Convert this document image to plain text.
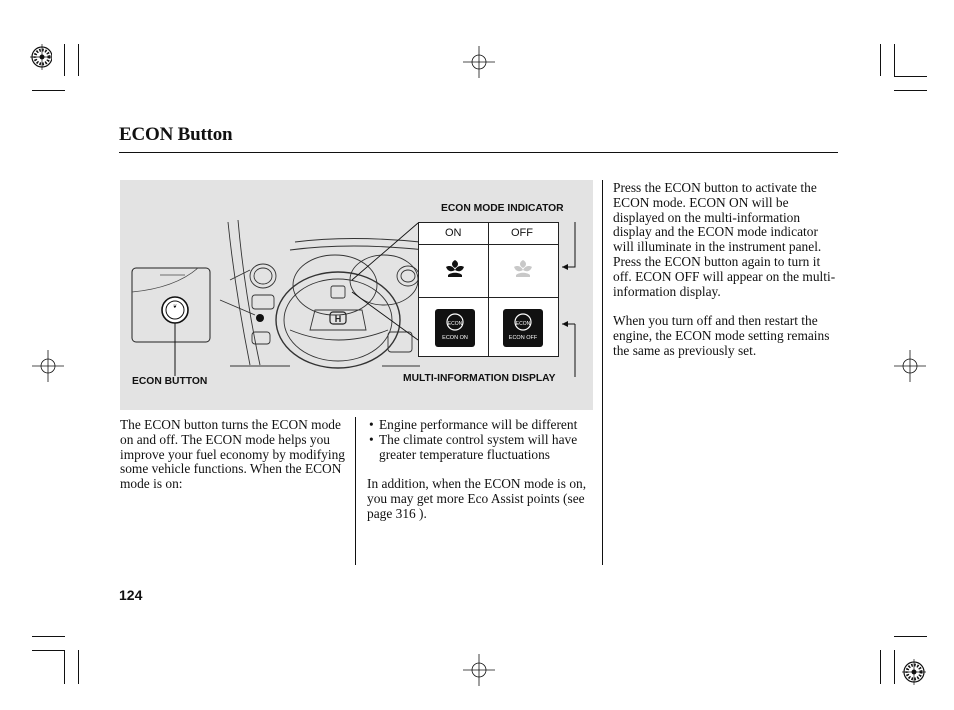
ECON Button
H
❦
ON	OFF
ECON
ECON ON
ECON
ECON OFF
ECON MODE INDICATOR
ECON BUTTON	MULTI-INFORMATION DISPLAY
The ECON button turns the ECON mode on and off. The ECON mode helps you improve your fuel economy by modifying some vehicle functions. When the ECON mode is on:
• Engine performance will be different
• The climate control system will have greater temperature fluctuations
In addition, when the ECON mode is on, you may get more Eco Assist points (see page 316 ).
Press the ECON button to activate the ECON mode. ECON ON will be displayed on the multi-information display and the ECON mode indicator will illuminate in the instrument panel. Press the ECON button again to turn it off. ECON OFF will appear on the multi-information display.
When you turn off and then restart the engine, the ECON mode setting remains the same as previously set.
124
